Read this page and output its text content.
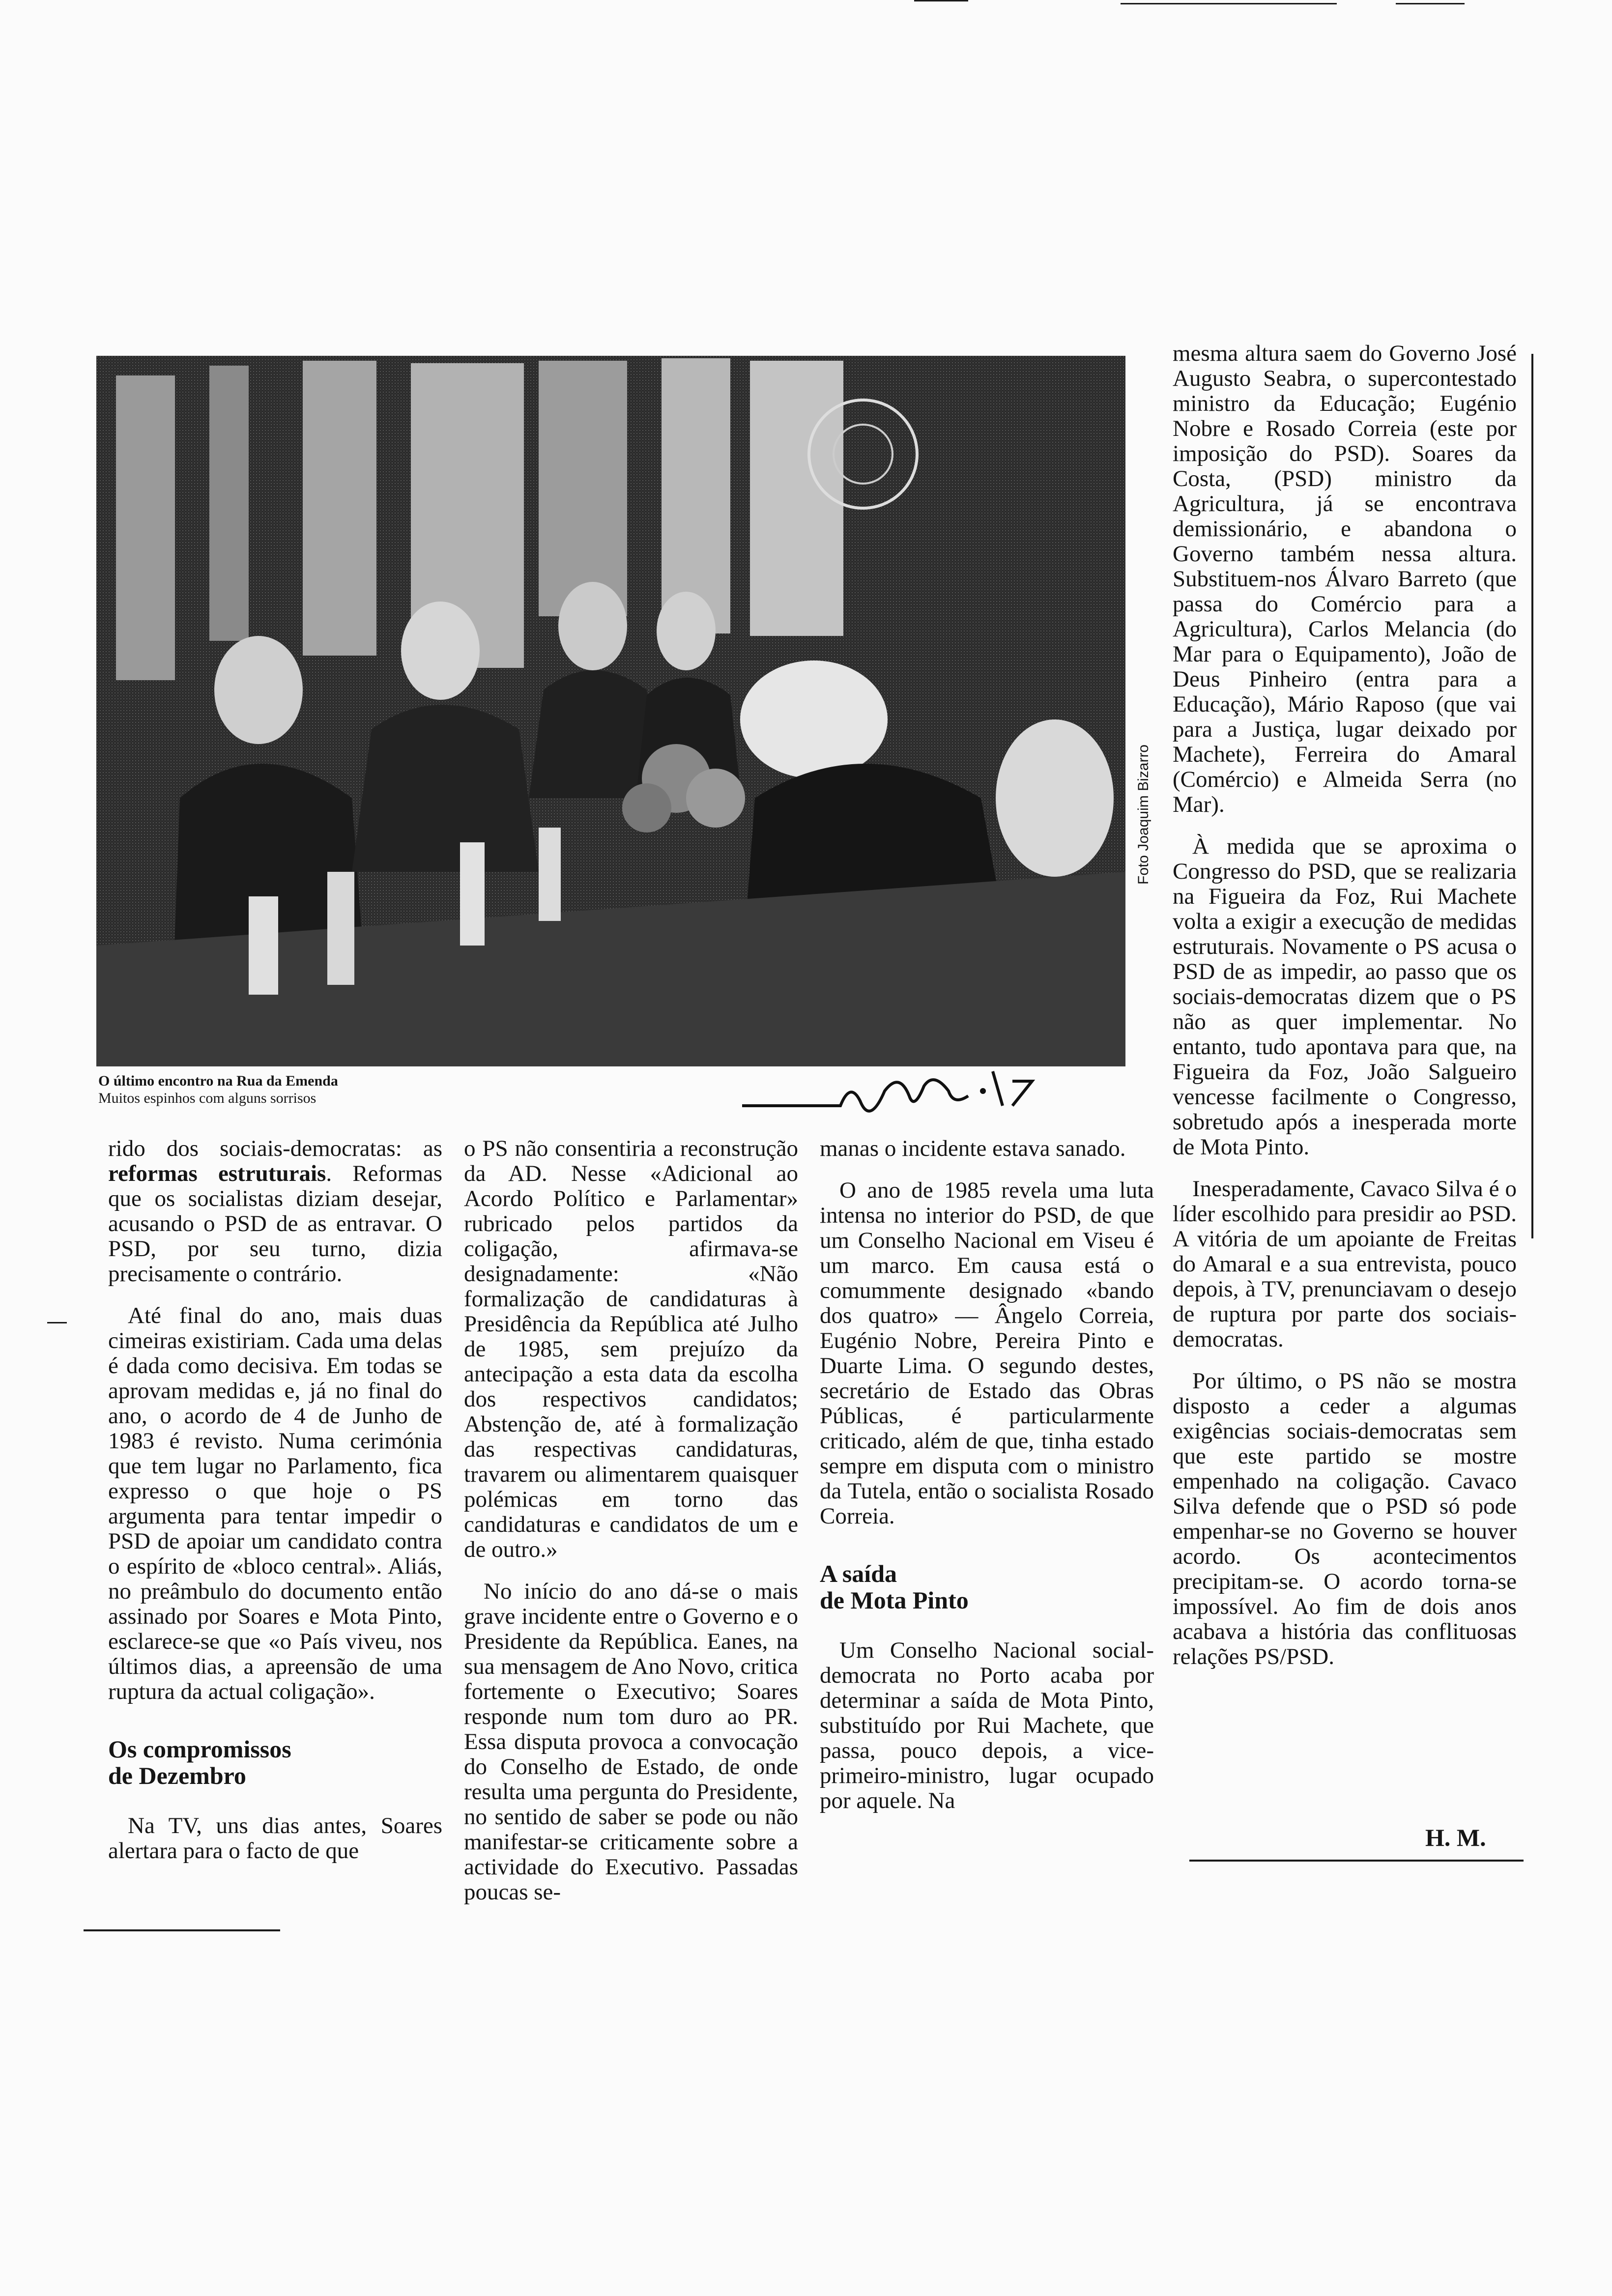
Foto Joaquim Bizarro
O último encontro na Rua da Emenda
Muitos espinhos com alguns sorrisos

rido dos sociais-democratas: as reformas estruturais. Reformas que os socialistas diziam desejar, acusando o PSD de as entravar. O PSD, por seu turno, dizia precisamente o contrário.

Até final do ano, mais duas cimeiras existiriam. Cada uma delas é dada como decisiva. Em todas se aprovam medidas e, já no final do ano, o acordo de 4 de Junho de 1983 é revisto. Numa cerimónia que tem lugar no Parlamento, fica expresso o que hoje o PS argumenta para tentar impedir o PSD de apoiar um candidato contra o espírito de «bloco central». Aliás, no preâmbulo do documento então assinado por Soares e Mota Pinto, esclarece-se que «o País viveu, nos últimos dias, a apreensão de uma ruptura da actual coligação».

Os compromissos
de Dezembro

Na TV, uns dias antes, Soares alertara para o facto de que

o PS não consentiria a reconstrução da AD. Nesse «Adicional ao Acordo Político e Parlamentar» rubricado pelos partidos da coligação, afirmava-se designadamente: «Não formalização de candidaturas à Presidência da República até Julho de 1985, sem prejuízo da antecipação a esta data da escolha dos respectivos candidatos; Abstenção de, até à formalização das respectivas candidaturas, travarem ou alimentarem quaisquer polémicas em torno das candidaturas e candidatos de um e de outro.»

No início do ano dá-se o mais grave incidente entre o Governo e o Presidente da República. Eanes, na sua mensagem de Ano Novo, critica fortemente o Executivo; Soares responde num tom duro ao PR. Essa disputa provoca a convocação do Conselho de Estado, de onde resulta uma pergunta do Presidente, no sentido de saber se pode ou não manifestar-se criticamente sobre a actividade do Executivo. Passadas poucas se-

manas o incidente estava sanado.

O ano de 1985 revela uma luta intensa no interior do PSD, de que um Conselho Nacional em Viseu é um marco. Em causa está o comummente designado «bando dos quatro» — Ângelo Correia, Eugénio Nobre, Pereira Pinto e Duarte Lima. O segundo destes, secretário de Estado das Obras Públicas, é particularmente criticado, além de que, tinha estado sempre em disputa com o ministro da Tutela, então o socialista Rosado Correia.

A saída
de Mota Pinto

Um Conselho Nacional social-democrata no Porto acaba por determinar a saída de Mota Pinto, substituído por Rui Machete, que passa, pouco depois, a vice-primeiro-ministro, lugar ocupado por aquele. Na

mesma altura saem do Governo José Augusto Seabra, o supercontestado ministro da Educação; Eugénio Nobre e Rosado Correia (este por imposição do PSD). Soares da Costa, (PSD) ministro da Agricultura, já se encontrava demissionário, e abandona o Governo também nessa altura. Substituem-nos Álvaro Barreto (que passa do Comércio para a Agricultura), Carlos Melancia (do Mar para o Equipamento), João de Deus Pinheiro (entra para a Educação), Mário Raposo (que vai para a Justiça, lugar deixado por Machete), Ferreira do Amaral (Comércio) e Almeida Serra (no Mar).

À medida que se aproxima o Congresso do PSD, que se realizaria na Figueira da Foz, Rui Machete volta a exigir a execução de medidas estruturais. Novamente o PS acusa o PSD de as impedir, ao passo que os sociais-democratas dizem que o PS não as quer implementar. No entanto, tudo apontava para que, na Figueira da Foz, João Salgueiro vencesse facilmente o Congresso, sobretudo após a inesperada morte de Mota Pinto.

Inesperadamente, Cavaco Silva é o líder escolhido para presidir ao PSD. A vitória de um apoiante de Freitas do Amaral e a sua entrevista, pouco depois, à TV, prenunciavam o desejo de ruptura por parte dos sociais-democratas.

Por último, o PS não se mostra disposto a ceder a algumas exigências sociais-democratas sem que este partido se mostre empenhado na coligação. Cavaco Silva defende que o PSD só pode empenhar-se no Governo se houver acordo. Os acontecimentos precipitam-se. O acordo torna-se impossível. Ao fim de dois anos acabava a história das conflituosas relações PS/PSD.

H. M.
